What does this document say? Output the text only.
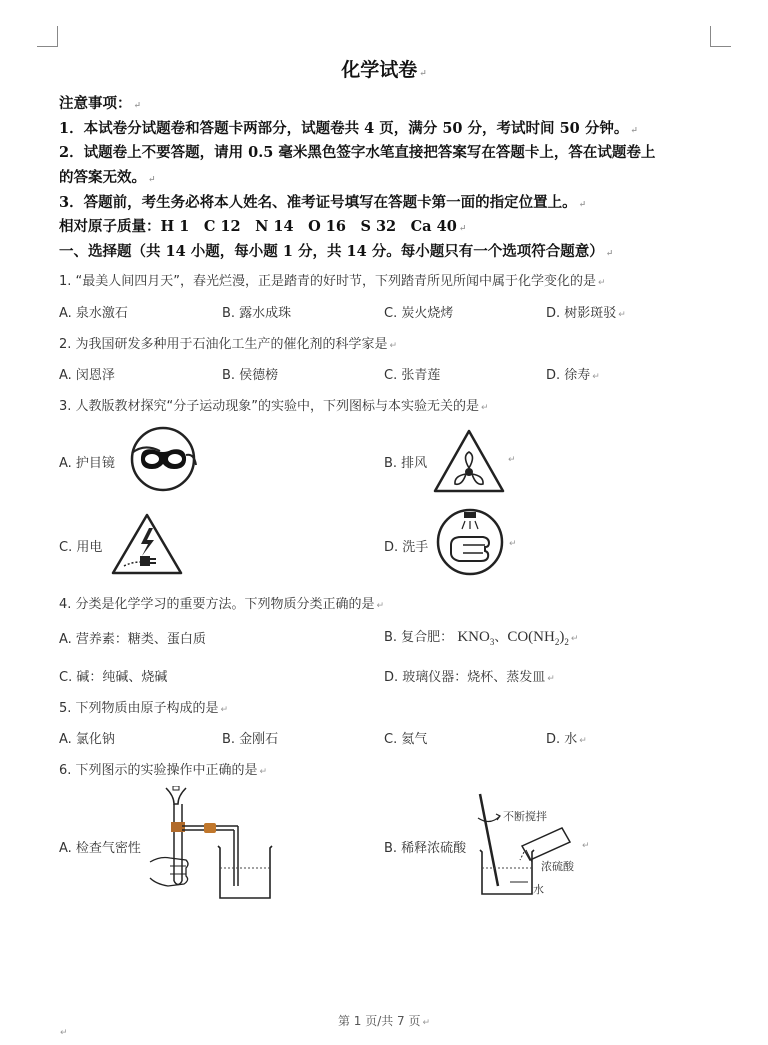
化学试卷 ↵
注意事项： ↵
1．本试卷分试题卷和答题卡两部分，试题卷共 4 页，满分 50 分，考试时间 50 分钟。 ↵
2．试题卷上不要答题，请用 0.5 毫米黑色签字水笔直接把答案写在答题卡上，答在试题卷上
的答案无效。 ↵
3．答题前，考生务必将本人姓名、准考证号填写在答题卡第一面的指定位置上。 ↵
相对原子质量：H 1　C 12　N 14　O 16　S 32　Ca 40 ↵
一、选择题（共 14 小题，每小题 1 分，共 14 分。每小题只有一个选项符合题意） ↵
1. “最美人间四月天”，春光烂漫，正是踏青的好时节，下列踏青所见所闻中属于化学变化的是 ↵
A. 泉水激石	B. 露水成珠	C. 炭火烧烤	D. 树影斑驳 ↵
2. 为我国研发多种用于石油化工生产的催化剂的科学家是 ↵
A. 闵恩泽	B. 侯德榜	C. 张青莲	D. 徐寿 ↵
3. 人教版教材探究“分子运动现象”的实验中，下列图标与本实验无关的是 ↵
A. 护目镜	B. 排风	↵
C. 用电	D. 洗手	↵
4. 分类是化学学习的重要方法。下列物质分类正确的是 ↵
A. 营养素：糖类、蛋白质	B. 复合肥： $KNO_3$、$CO(NH_2)_2$ ↵
C. 碱：纯碱、烧碱	D. 玻璃仪器：烧杯、蒸发皿 ↵
5. 下列物质由原子构成的是 ↵
A. 氯化钠	B. 金刚石	C. 氦气	D. 水 ↵
6. 下列图示的实验操作中正确的是 ↵
A. 检查气密性	B. 稀释浓硫酸
不断搅拌
浓硫酸
水
↵
第 1 页/共 7 页 ↵
↵
